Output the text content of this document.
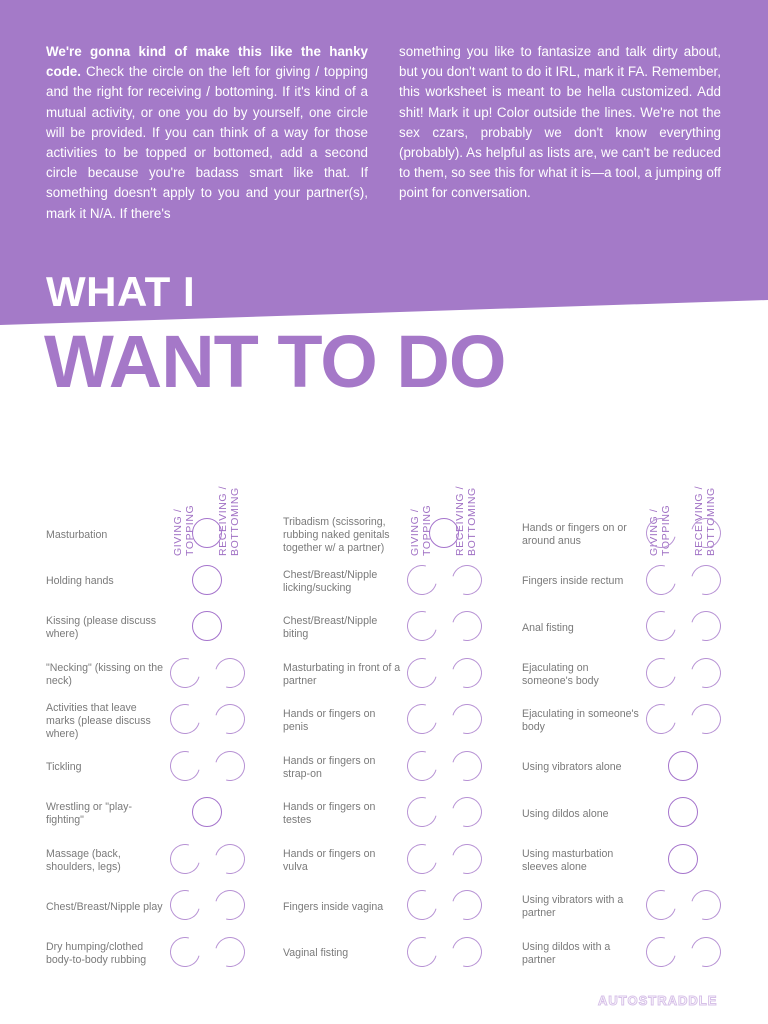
We're gonna kind of make this like the hanky code. Check the circle on the left for giving / topping and the right for receiving / bottoming. If it's kind of a mutual activity, or one you do by yourself, one circle will be provided. If you can think of a way for those activities to be topped or bottomed, add a second circle because you're badass smart like that. If something doesn't apply to you and your partner(s), mark it N/A. If there's
something you like to fantasize and talk dirty about, but you don't want to do it IRL, mark it FA. Remember, this worksheet is meant to be hella customized. Add shit! Mark it up! Color outside the lines. We're not the sex czars, probably we don't know everything (probably). As helpful as lists are, we can't be reduced to them, so see this for what it is—a tool, a jumping off point for conversation.
WHAT I
WANT TO DO
GIVING / TOPPING RECEIVING / BOTTOMING
Masturbation
Holding hands
Kissing (please discuss where)
"Necking" (kissing on the neck)
Activities that leave marks (please discuss where)
Tickling
Wrestling or "play-fighting"
Massage (back, shoulders, legs)
Chest/Breast/Nipple play
Dry humping/clothed body-to-body rubbing
GIVING / TOPPING RECEIVING / BOTTOMING
Tribadism (scissoring, rubbing naked genitals together w/ a partner)
Chest/Breast/Nipple licking/sucking
Chest/Breast/Nipple biting
Masturbating in front of a partner
Hands or fingers on penis
Hands or fingers on strap-on
Hands or fingers on testes
Hands or fingers on vulva
Fingers inside vagina
Vaginal fisting
GIVING / TOPPING RECEIVING / BOTTOMING
Hands or fingers on or around anus
Fingers inside rectum
Anal fisting
Ejaculating on someone's body
Ejaculating in someone's body
Using vibrators alone
Using dildos alone
Using masturbation sleeves alone
Using vibrators with a partner
Using dildos with a partner
AUTOSTRADDLE
